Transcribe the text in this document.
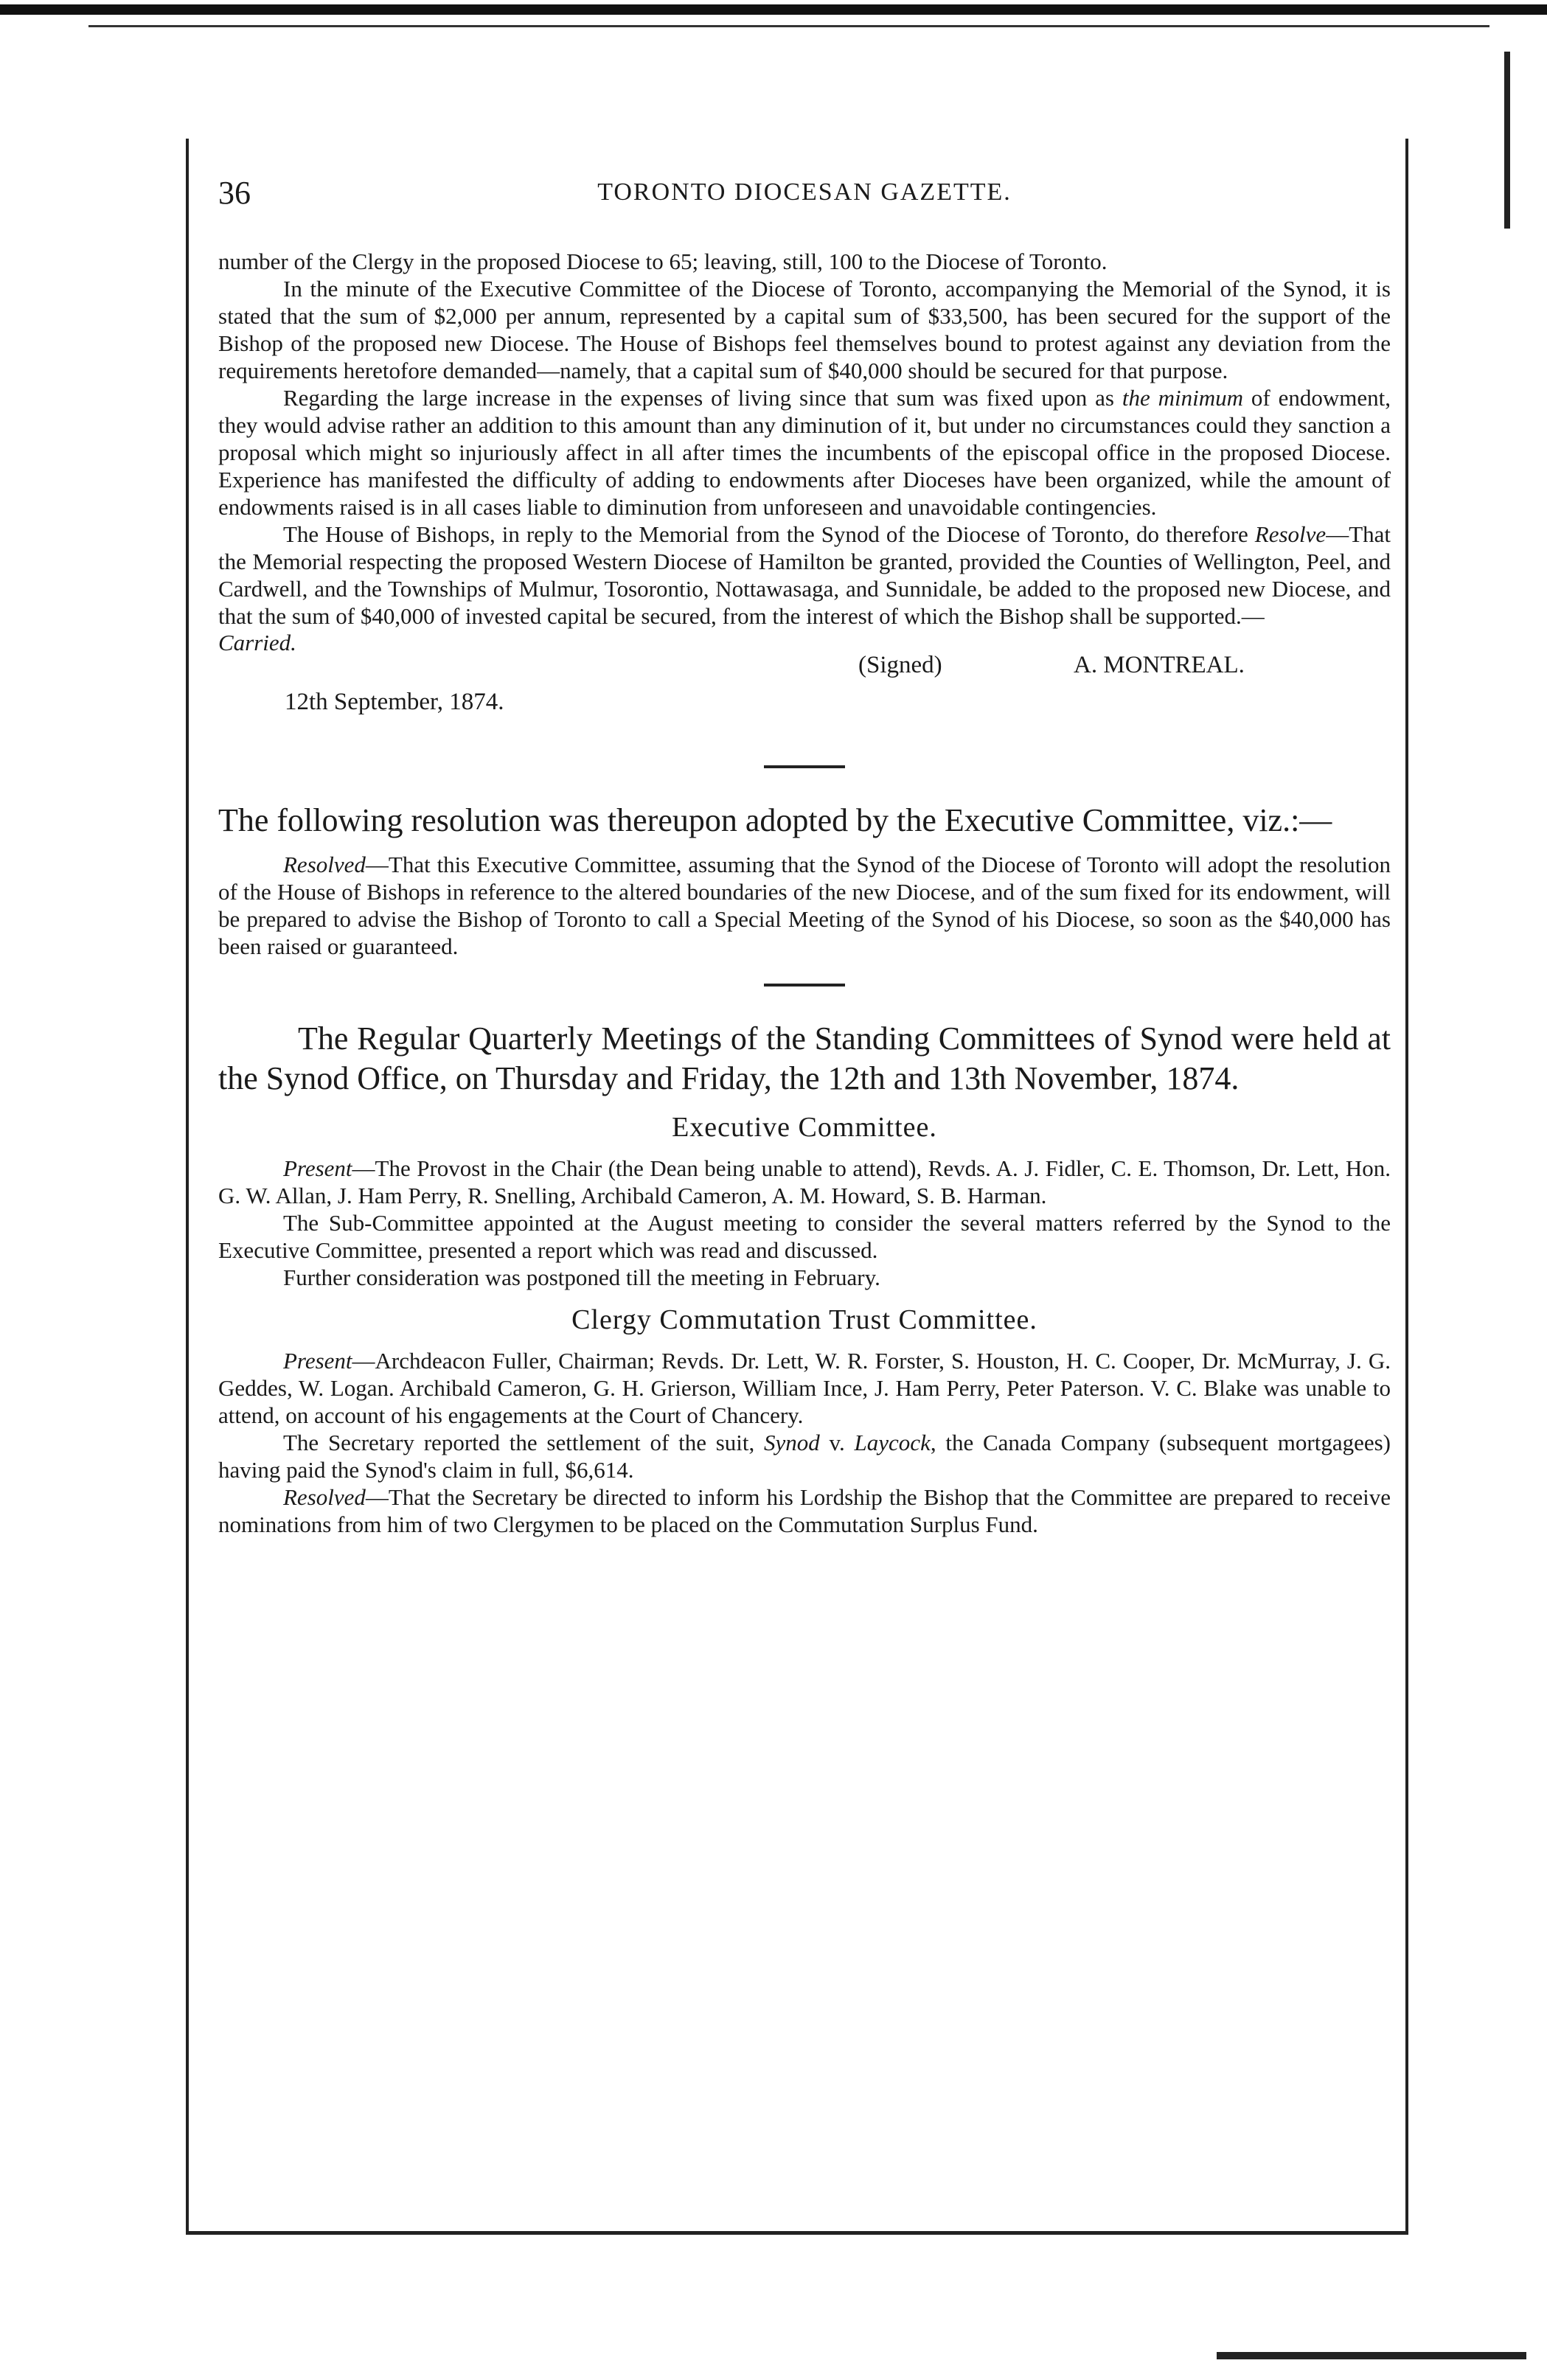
36	TORONTO DIOCESAN GAZETTE.

number of the Clergy in the proposed Diocese to 65; leaving, still, 100 to the Diocese of Toronto.

In the minute of the Executive Committee of the Diocese of Toronto, accompanying the Memorial of the Synod, it is stated that the sum of $2,000 per annum, represented by a capital sum of $33,500, has been secured for the support of the Bishop of the proposed new Diocese. The House of Bishops feel themselves bound to protest against any deviation from the requirements heretofore demanded—namely, that a capital sum of $40,000 should be secured for that purpose.

Regarding the large increase in the expenses of living since that sum was fixed upon as the minimum of endowment, they would advise rather an addition to this amount than any diminution of it, but under no circumstances could they sanction a proposal which might so injuriously affect in all after times the incumbents of the episcopal office in the proposed Diocese. Experience has manifested the difficulty of adding to endowments after Dioceses have been organized, while the amount of endowments raised is in all cases liable to diminution from unforeseen and unavoidable contingencies.

The House of Bishops, in reply to the Memorial from the Synod of the Diocese of Toronto, do therefore Resolve—That the Memorial respecting the proposed Western Diocese of Hamilton be granted, provided the Counties of Wellington, Peel, and Cardwell, and the Townships of Mulmur, Tosorontio, Nottawasaga, and Sunnidale, be added to the proposed new Diocese, and that the sum of $40,000 of invested capital be secured, from the interest of which the Bishop shall be supported.—

Carried.
(Signed)	A. MONTREAL.
12th September, 1874.

The following resolution was thereupon adopted by the Executive Committee, viz.:—

Resolved—That this Executive Committee, assuming that the Synod of the Diocese of Toronto will adopt the resolution of the House of Bishops in reference to the altered boundaries of the new Diocese, and of the sum fixed for its endowment, will be prepared to advise the Bishop of Toronto to call a Special Meeting of the Synod of his Diocese, so soon as the $40,000 has been raised or guaranteed.

The Regular Quarterly Meetings of the Standing Committees of Synod were held at the Synod Office, on Thursday and Friday, the 12th and 13th November, 1874.

Executive Committee.

Present—The Provost in the Chair (the Dean being unable to attend), Revds. A. J. Fidler, C. E. Thomson, Dr. Lett, Hon. G. W. Allan, J. Ham Perry, R. Snelling, Archibald Cameron, A. M. Howard, S. B. Harman.

The Sub-Committee appointed at the August meeting to consider the several matters referred by the Synod to the Executive Committee, presented a report which was read and discussed.

Further consideration was postponed till the meeting in February.

Clergy Commutation Trust Committee.

Present—Archdeacon Fuller, Chairman; Revds. Dr. Lett, W. R. Forster, S. Houston, H. C. Cooper, Dr. McMurray, J. G. Geddes, W. Logan. Archibald Cameron, G. H. Grierson, William Ince, J. Ham Perry, Peter Paterson. V. C. Blake was unable to attend, on account of his engagements at the Court of Chancery.

The Secretary reported the settlement of the suit, Synod v. Laycock, the Canada Company (subsequent mortgagees) having paid the Synod's claim in full, $6,614.

Resolved—That the Secretary be directed to inform his Lordship the Bishop that the Committee are prepared to receive nominations from him of two Clergymen to be placed on the Commutation Surplus Fund.
